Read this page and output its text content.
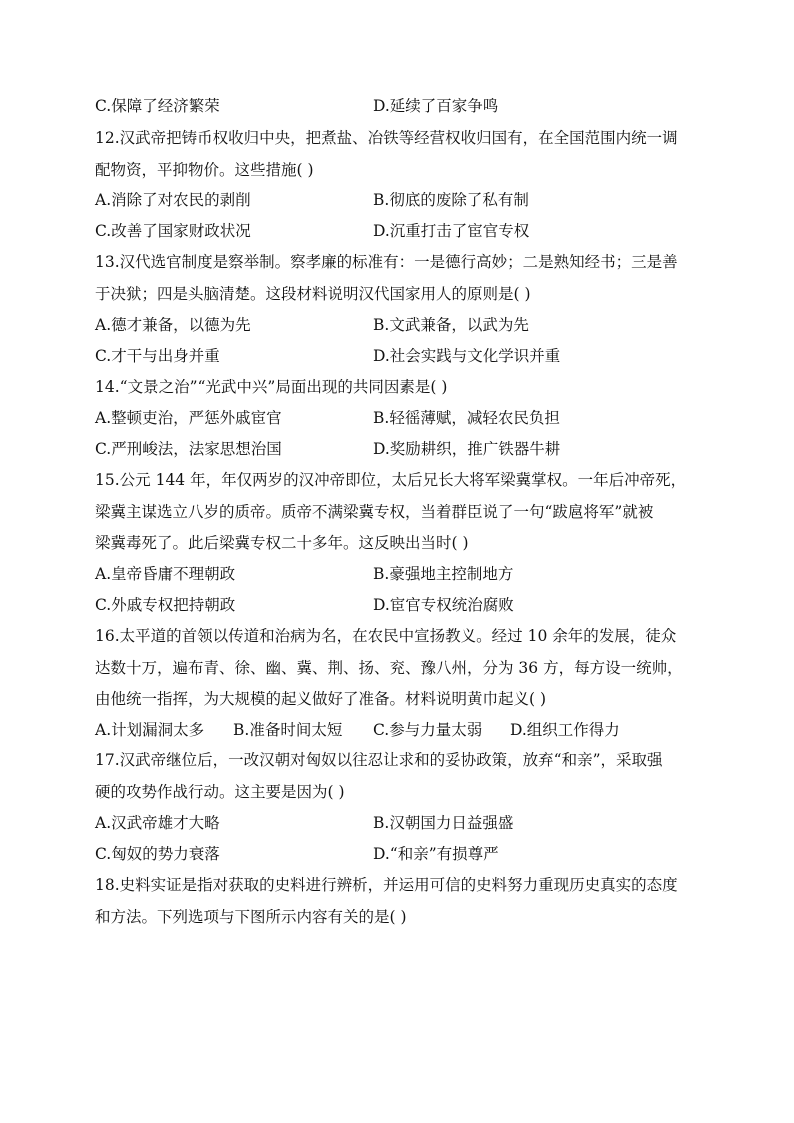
C.保障了经济繁荣	D.延续了百家争鸣
12.汉武帝把铸币权收归中央，把煮盐、冶铁等经营权收归国有，在全国范围内统一调
配物资，平抑物价。这些措施( )
A.消除了对农民的剥削	B.彻底的废除了私有制
C.改善了国家财政状况	D.沉重打击了宦官专权
13.汉代选官制度是察举制。察孝廉的标准有：一是德行高妙；二是熟知经书；三是善
于决狱；四是头脑清楚。这段材料说明汉代国家用人的原则是( )
A.德才兼备，以德为先	B.文武兼备，以武为先
C.才干与出身并重	D.社会实践与文化学识并重
14.“文景之治”“光武中兴”局面出现的共同因素是( )
A.整顿吏治，严惩外戚宦官	B.轻徭薄赋，减轻农民负担
C.严刑峻法，法家思想治国	D.奖励耕织，推广铁器牛耕
15.公元 144 年，年仅两岁的汉冲帝即位，太后兄长大将军梁冀掌权。一年后冲帝死，
梁冀主谋选立八岁的质帝。质帝不满梁冀专权，当着群臣说了一句“跋扈将军”就被
梁冀毒死了。此后梁冀专权二十多年。这反映出当时( )
A.皇帝昏庸不理朝政	B.豪强地主控制地方
C.外戚专权把持朝政	D.宦官专权统治腐败
16.太平道的首领以传道和治病为名，在农民中宣扬教义。经过 10 余年的发展，徒众
达数十万，遍布青、徐、幽、冀、荆、扬、兖、豫八州，分为 36 方，每方设一统帅，
由他统一指挥，为大规模的起义做好了准备。材料说明黄巾起义( )
A.计划漏洞太多 B.准备时间太短 C.参与力量太弱 D.组织工作得力
17.汉武帝继位后，一改汉朝对匈奴以往忍让求和的妥协政策，放弃“和亲”，采取强
硬的攻势作战行动。这主要是因为( )
A.汉武帝雄才大略	B.汉朝国力日益强盛
C.匈奴的势力衰落	D.“和亲”有损尊严
18.史料实证是指对获取的史料进行辨析，并运用可信的史料努力重现历史真实的态度
和方法。下列选项与下图所示内容有关的是( )
